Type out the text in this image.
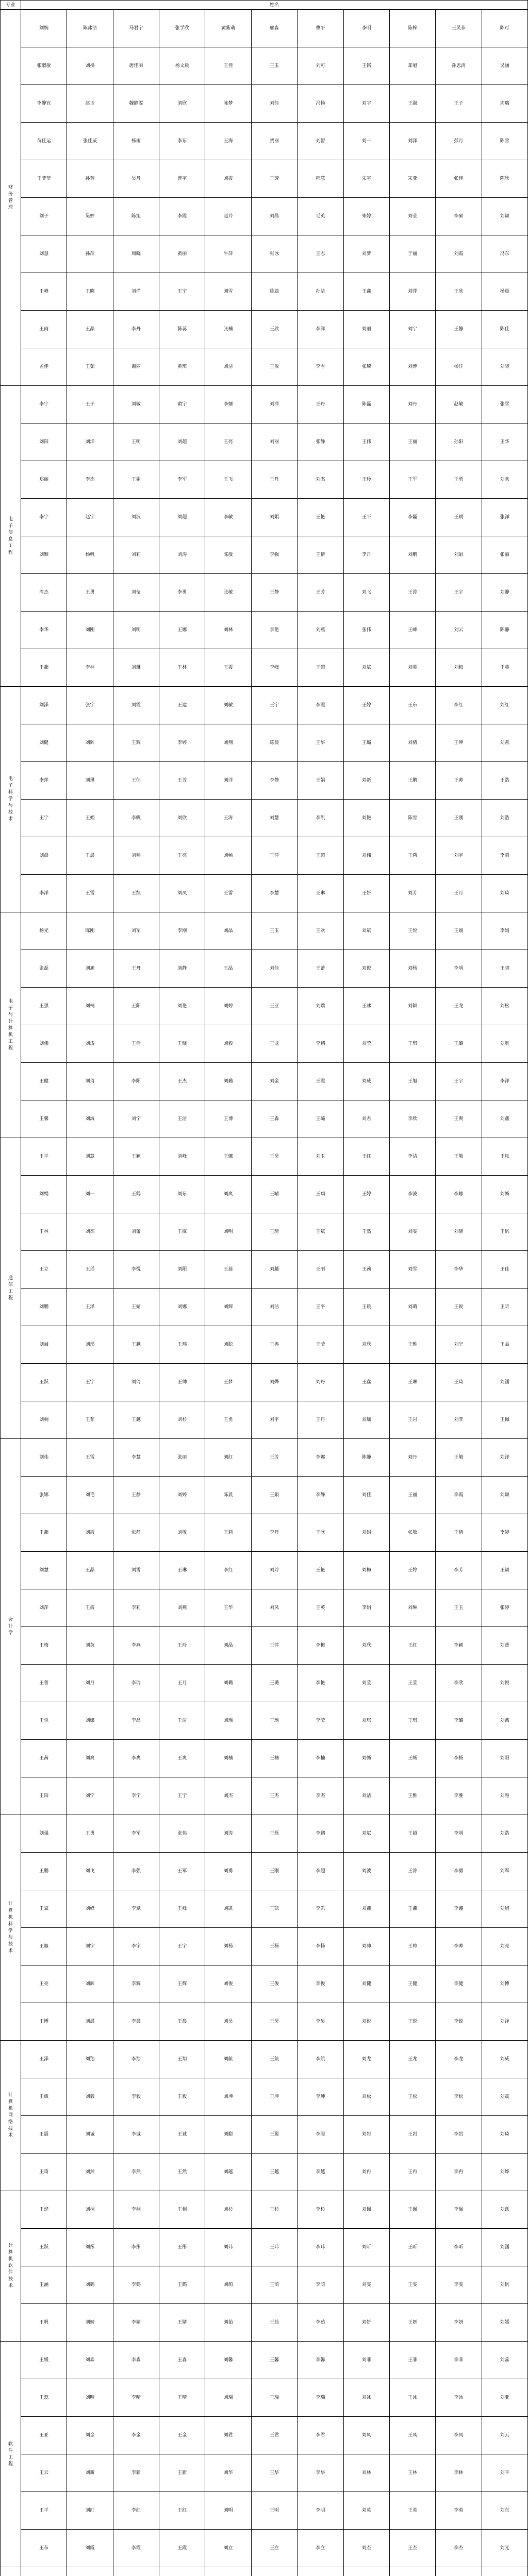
专业	姓名										
财务管理	刘婉	陈冰洁	马君宇	张学欣	黄紫萌	邢淼	曹平	李明	陈梓	王灵菲	陈可
	张淑敏	刘换	唐佳丽	杨文晨	王佳	王玉	刘可	王铭	郑旭	孙思清	吴涵
	李静宜	赵玉	魏静雯	刘欣	陈梦	刘佳	冯畅	刘宇	王淑	王子	周瑞
	苗佳运	张佳威	杨雨	李东	王海	贺丽	刘智	刘一	刘泽	彭月	陈雪
	王菲菲	孙芳	吴丹	曹宇	刘霞	王芳	韩慧	朱宇	宋亚	张佳	陈欣
	刘子	吴婷	陈旭	李霞	赵玲	刘晶	毛英	朱婷	刘莹	李硕	刘颖
	刘慧	孙萍	周晓	黄丽	牛萍	张冰	王志	刘梦	于丽	刘霞	冯东
	王峰	王晓	刘洋	王宁	刘雪	陈蕊	孙洁	王鑫	刘萍	王欣	杨晨
	王雨	王晶	李丹	韩蕊	张楠	王欣	李洋	刘丽	刘宁	王静	陈佳
	孟佳	王茹	谢丽	黄琪	刘洁	王敏	李雪	张琦	刘博	杨洋	刘晓
电子信息工程	李宁	王子	刘敏	黄宁	李娜	刘洋	王丹	陈磊	刘丹	赵敏	张雪
	刘阳	刘洋	王明	刘超	王亮	刘丽	张静	王伟	王丽	孙阳	王华
	郑丽	李杰	王娟	李军	王飞	王丹	刘杰	王玲	王军	王勇	刘欢
	李宇	赵宇	刘波	刘超	李敏	刘娟	王艳	王平	李磊	王斌	张洋
	刘颖	杨帆	刘莉	刘涛	陈敏	李强	王倩	李丹	刘鹏	刘娟	张丽
	周杰	王勇	刘莹	李勇	张敏	王静	王芳	刘飞	王涛	王宇	刘静
	李华	刘刚	刘明	王娜	刘林	李艳	刘燕	张伟	王峰	刘云	陈静
	王燕	李林	刘琳	王林	王霞	李峰	王超	刘斌	刘英	刘梅	王英
电子科学与技术	刘泽	张宁	刘霞	王建	刘敏	王宁	李霞	王婷	王东	李红	刘红
	刘健	刘辉	王辉	李婷	刘翔	陈晨	王华	王璐	刘倩	王坤	刘凯
	李萍	刘琪	王佳	王芳	刘洋	李静	王娟	刘新	王鹏	王帅	王浩
	王宁	王娟	李帆	刘欣	王涛	刘慧	李凯	刘艳	陈雪	王刚	刘浩
	刘晨	王晨	刘帅	王亮	刘畅	王萍	王超	刘伟	王莉	刘宇	李超
	李洋	王雪	王凯	刘凤	王雷	李慧	王琳	王妍	刘芳	王月	刘琦
电子与计算机工程	杨光	陈刚	刘军	李刚	刘晶	王玉	王欢	刘斌	王悦	王媛	李娟
	张磊	刘旭	王丹	刘静	王晶	刘佳	王蕾	刘俊	刘杨	李明	王晓
	王强	刘楠	王阳	刘艳	刘婷	王亚	刘瑞	王冰	刘颖	王龙	刘松
	刘伟	刘涛	王倩	王晓	刘毅	王龙	李鹏	刘莹	王琪	王璐	刘航
	王健	刘琦	李阳	王杰	刘璐	刘金	王霞	刘威	王旭	王宇	李洋
	王馨	刘海	刘宁	王洁	王博	王淼	王璐	刘君	李欣	王爽	刘鑫
通信工程	王平	刘慧	王颖	刘峰	王娜	王昊	刘玉	王红	李洁	王敏	王凤
	刘娟	刘一	王鹤	刘东	刘爽	王晴	王翔	王婷	李波	李娜	刘畅
	王林	刘杰	刘蕾	王威	刘明	王琦	王斌	王然	刘雯	刘晓	王帆
	王立	王瑶	李悦	刘阳	王蕊	刘越	王丽	王茜	刘雪	李华	王佳
	刘鹏	王泽	王婧	刘娜	刘辉	刘洁	王平	王晨	刘萌	王锐	王昕
	刘诚	刘彤	王越	王玮	刘聪	王冉	王莹	刘欣	王雅	刘宁	王晶
	王跃	王宁	刘玲	王帅	王梦	刘烨	刘丹	王鑫	王琳	王琦	刘涵
	刘桐	王菲	王越	刘杉	王勇	刘宇	王丹	刘瑶	王岩	刘菲	王佩
会计学	刘伟	王雪	李慧	张丽	刘红	王芳	李娜	陈静	刘丹	王敏	刘洋
	张娜	刘艳	王静	刘婷	陈晨	王娟	李静	刘佳	王丽	李霞	刘颖
	王燕	刘霞	张静	刘敏	王莉	李丹	王欣	刘娟	张敏	王倩	李婷
	刘慧	王晶	刘雪	王琳	李红	刘玲	王艳	刘梅	王婷	李芳	王颖
	刘萍	王霞	李莉	刘燕	王华	刘凤	王英	李娟	刘琳	王玉	张婷
	王梅	刘英	李燕	王玲	刘晶	王萍	李梅	刘欣	王红	李颖	刘蕾
	王蕾	刘月	李玲	王月	刘璐	王璐	李艳	刘莹	王莹	李欣	刘悦
	王悦	刘娜	李晶	王洁	刘瑶	王瑶	李莹	刘琪	王琪	李璐	刘茜
	王茜	刘爽	李爽	王爽	刘楠	王楠	李楠	刘畅	王畅	李畅	刘阳
	王阳	刘宁	李宁	王宁	刘杰	王杰	李杰	刘洁	王雅	李雅	刘雅
计算机科学与技术	刘强	王勇	李军	张伟	刘涛	王磊	李鹏	刘斌	王超	李明	刘浩
	王鹏	刘飞	李强	王军	刘勇	王刚	李超	刘波	王涛	李勇	刘军
	王斌	刘峰	李斌	王峰	刘凯	王凯	李凯	刘鑫	王鑫	李鑫	刘旭
	王旭	刘宇	李宇	王宇	刘杨	王杨	李杨	刘帅	王帅	李帅	刘亮
	王亮	刘辉	李辉	王辉	刘俊	王俊	李俊	刘健	王健	李健	刘博
	王博	刘晨	李晨	王晨	刘昊	王昊	李昊	刘锐	王锐	李锐	刘泽
计算机网络技术	王泽	刘翔	李翔	王翔	刘航	王航	李航	刘龙	王龙	李龙	刘威
	王威	刘毅	李毅	王毅	刘坤	王坤	李坤	刘松	王松	李松	刘震
	王震	刘诚	李诚	王诚	刘聪	王聪	李聪	刘岩	王岩	李岩	刘琦
	王琦	刘然	李然	王然	刘越	王越	李越	刘冉	王冉	李冉	刘烨
计算机软件技术	王烨	刘桐	李桐	王桐	刘杉	王杉	李杉	刘佩	王佩	李佩	刘跃
	王跃	刘彤	李彤	王彤	刘玮	王玮	李玮	刘昕	王昕	李昕	刘涵
	王涵	刘鹤	李鹤	王鹤	刘萌	王萌	李萌	刘雯	王雯	李雯	刘帆
	王帆	刘婧	李婧	王婧	刘茹	王茹	李茹	刘妍	王妍	李妍	刘媛
软件工程	王媛	刘淼	李淼	王淼	刘馨	王馨	李馨	刘菲	王菲	李菲	刘蕊
	王蕊	刘晴	李晴	王晴	刘瑞	王瑞	李瑞	刘冰	王冰	李冰	刘亚
	王亚	刘金	李金	王金	刘君	王君	李君	刘凤	王凤	李凤	刘云
	王云	刘新	李新	王新	刘华	王华	李华	刘林	王林	李林	刘平
	王平	刘红	李红	王红	刘明	王明	李明	刘英	王英	李英	刘东
	王东	刘霞	李霞	王霞	刘立	王立	李立	刘杰	王杰	李杰	刘光
